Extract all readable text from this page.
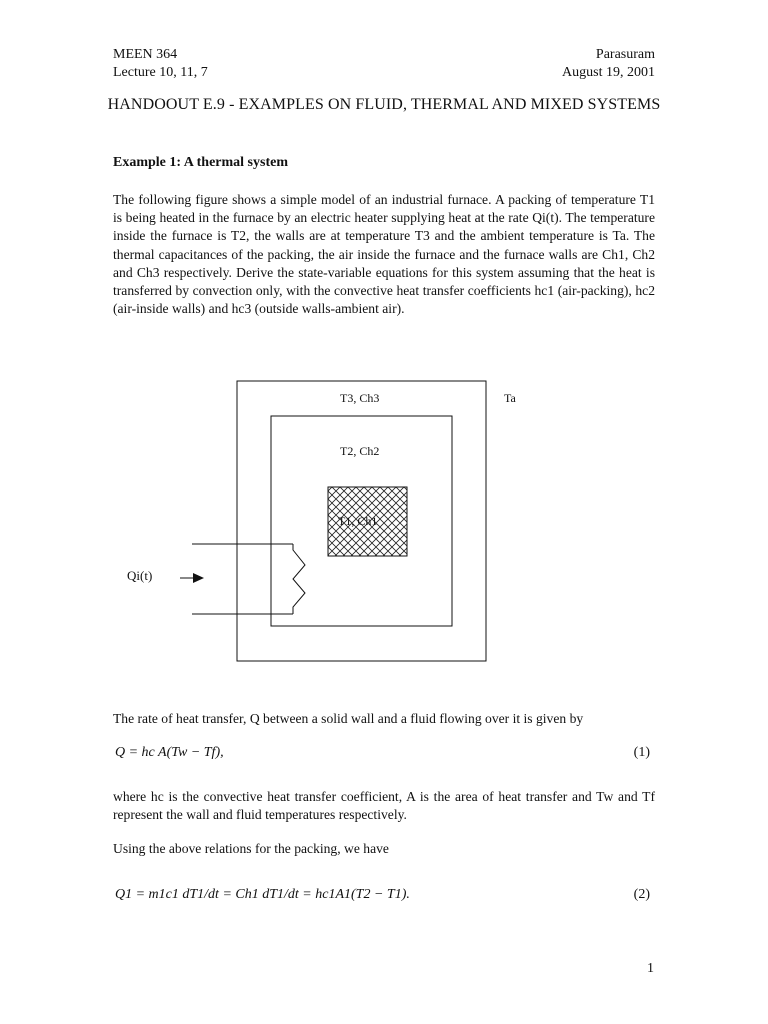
MEEN 364
Lecture 10, 11, 7
Parasuram
August 19, 2001
HANDOOUT E.9 - EXAMPLES ON FLUID, THERMAL AND MIXED SYSTEMS
Example 1: A thermal system
The following figure shows a simple model of an industrial furnace. A packing of temperature T1 is being heated in the furnace by an electric heater supplying heat at the rate Qi(t). The temperature inside the furnace is T2, the walls are at temperature T3 and the ambient temperature is Ta. The thermal capacitances of the packing, the air inside the furnace and the furnace walls are Ch1, Ch2 and Ch3 respectively. Derive the state-variable equations for this system assuming that the heat is transferred by convection only, with the convective heat transfer coefficients hc1 (air-packing), hc2 (air-inside walls) and hc3 (outside walls-ambient air).
T3, Ch3	Ta
T2, Ch2
T1, Ch1
Qi(t)
The rate of heat transfer, Q between a solid wall and a fluid flowing over it is given by
Q = hc A(Tw − Tf),	(1)
where hc is the convective heat transfer coefficient, A is the area of heat transfer and Tw and Tf represent the wall and fluid temperatures respectively.
Using the above relations for the packing, we have
Q1 = m1c1 dT1/dt = Ch1 dT1/dt = hc1A1(T2 − T1).	(2)
1
